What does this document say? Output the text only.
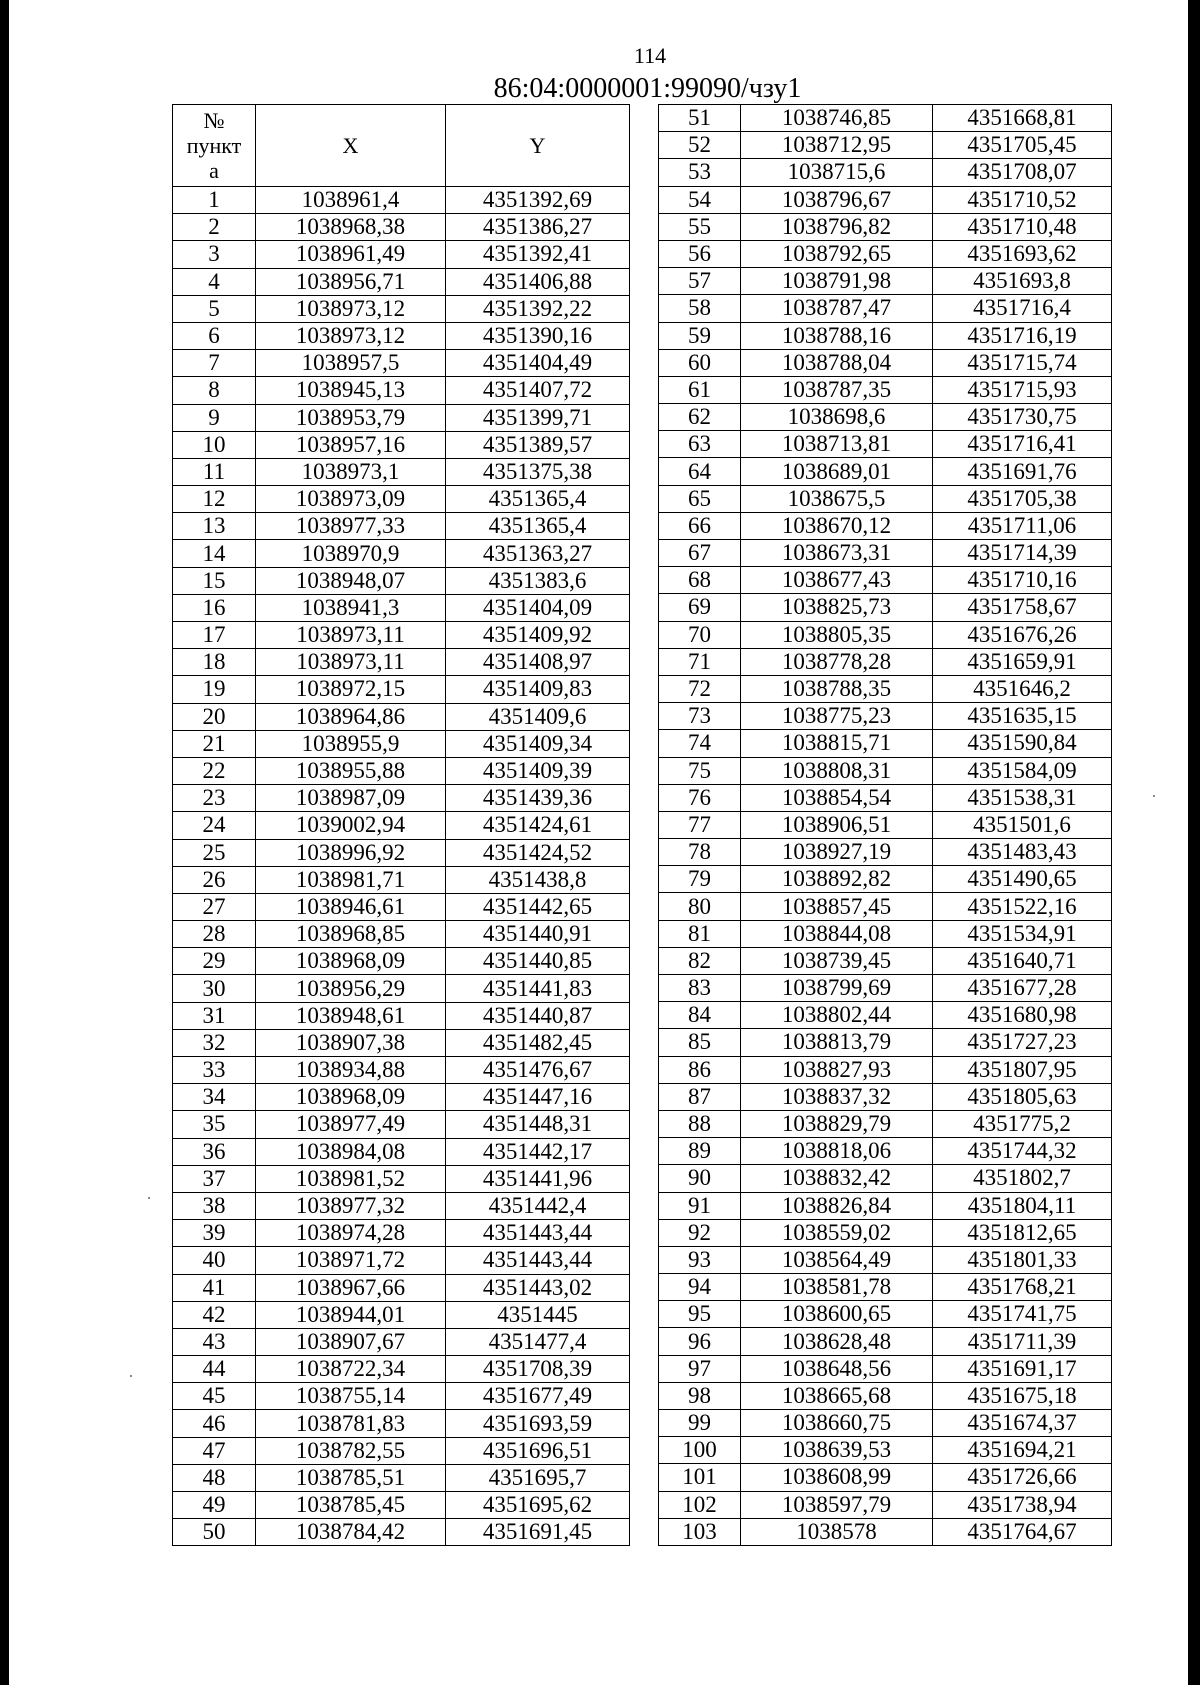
114
86:04:0000001:99090/чзу1
№
пункт
а	X	Y
1	1038961,4	4351392,69
2	1038968,38	4351386,27
3	1038961,49	4351392,41
4	1038956,71	4351406,88
5	1038973,12	4351392,22
6	1038973,12	4351390,16
7	1038957,5	4351404,49
8	1038945,13	4351407,72
9	1038953,79	4351399,71
10	1038957,16	4351389,57
11	1038973,1	4351375,38
12	1038973,09	4351365,4
13	1038977,33	4351365,4
14	1038970,9	4351363,27
15	1038948,07	4351383,6
16	1038941,3	4351404,09
17	1038973,11	4351409,92
18	1038973,11	4351408,97
19	1038972,15	4351409,83
20	1038964,86	4351409,6
21	1038955,9	4351409,34
22	1038955,88	4351409,39
23	1038987,09	4351439,36
24	1039002,94	4351424,61
25	1038996,92	4351424,52
26	1038981,71	4351438,8
27	1038946,61	4351442,65
28	1038968,85	4351440,91
29	1038968,09	4351440,85
30	1038956,29	4351441,83
31	1038948,61	4351440,87
32	1038907,38	4351482,45
33	1038934,88	4351476,67
34	1038968,09	4351447,16
35	1038977,49	4351448,31
36	1038984,08	4351442,17
37	1038981,52	4351441,96
38	1038977,32	4351442,4
39	1038974,28	4351443,44
40	1038971,72	4351443,44
41	1038967,66	4351443,02
42	1038944,01	4351445
43	1038907,67	4351477,4
44	1038722,34	4351708,39
45	1038755,14	4351677,49
46	1038781,83	4351693,59
47	1038782,55	4351696,51
48	1038785,51	4351695,7
49	1038785,45	4351695,62
50	1038784,42	4351691,45
51	1038746,85	4351668,81
52	1038712,95	4351705,45
53	1038715,6	4351708,07
54	1038796,67	4351710,52
55	1038796,82	4351710,48
56	1038792,65	4351693,62
57	1038791,98	4351693,8
58	1038787,47	4351716,4
59	1038788,16	4351716,19
60	1038788,04	4351715,74
61	1038787,35	4351715,93
62	1038698,6	4351730,75
63	1038713,81	4351716,41
64	1038689,01	4351691,76
65	1038675,5	4351705,38
66	1038670,12	4351711,06
67	1038673,31	4351714,39
68	1038677,43	4351710,16
69	1038825,73	4351758,67
70	1038805,35	4351676,26
71	1038778,28	4351659,91
72	1038788,35	4351646,2
73	1038775,23	4351635,15
74	1038815,71	4351590,84
75	1038808,31	4351584,09
76	1038854,54	4351538,31
77	1038906,51	4351501,6
78	1038927,19	4351483,43
79	1038892,82	4351490,65
80	1038857,45	4351522,16
81	1038844,08	4351534,91
82	1038739,45	4351640,71
83	1038799,69	4351677,28
84	1038802,44	4351680,98
85	1038813,79	4351727,23
86	1038827,93	4351807,95
87	1038837,32	4351805,63
88	1038829,79	4351775,2
89	1038818,06	4351744,32
90	1038832,42	4351802,7
91	1038826,84	4351804,11
92	1038559,02	4351812,65
93	1038564,49	4351801,33
94	1038581,78	4351768,21
95	1038600,65	4351741,75
96	1038628,48	4351711,39
97	1038648,56	4351691,17
98	1038665,68	4351675,18
99	1038660,75	4351674,37
100	1038639,53	4351694,21
101	1038608,99	4351726,66
102	1038597,79	4351738,94
103	1038578	4351764,67
